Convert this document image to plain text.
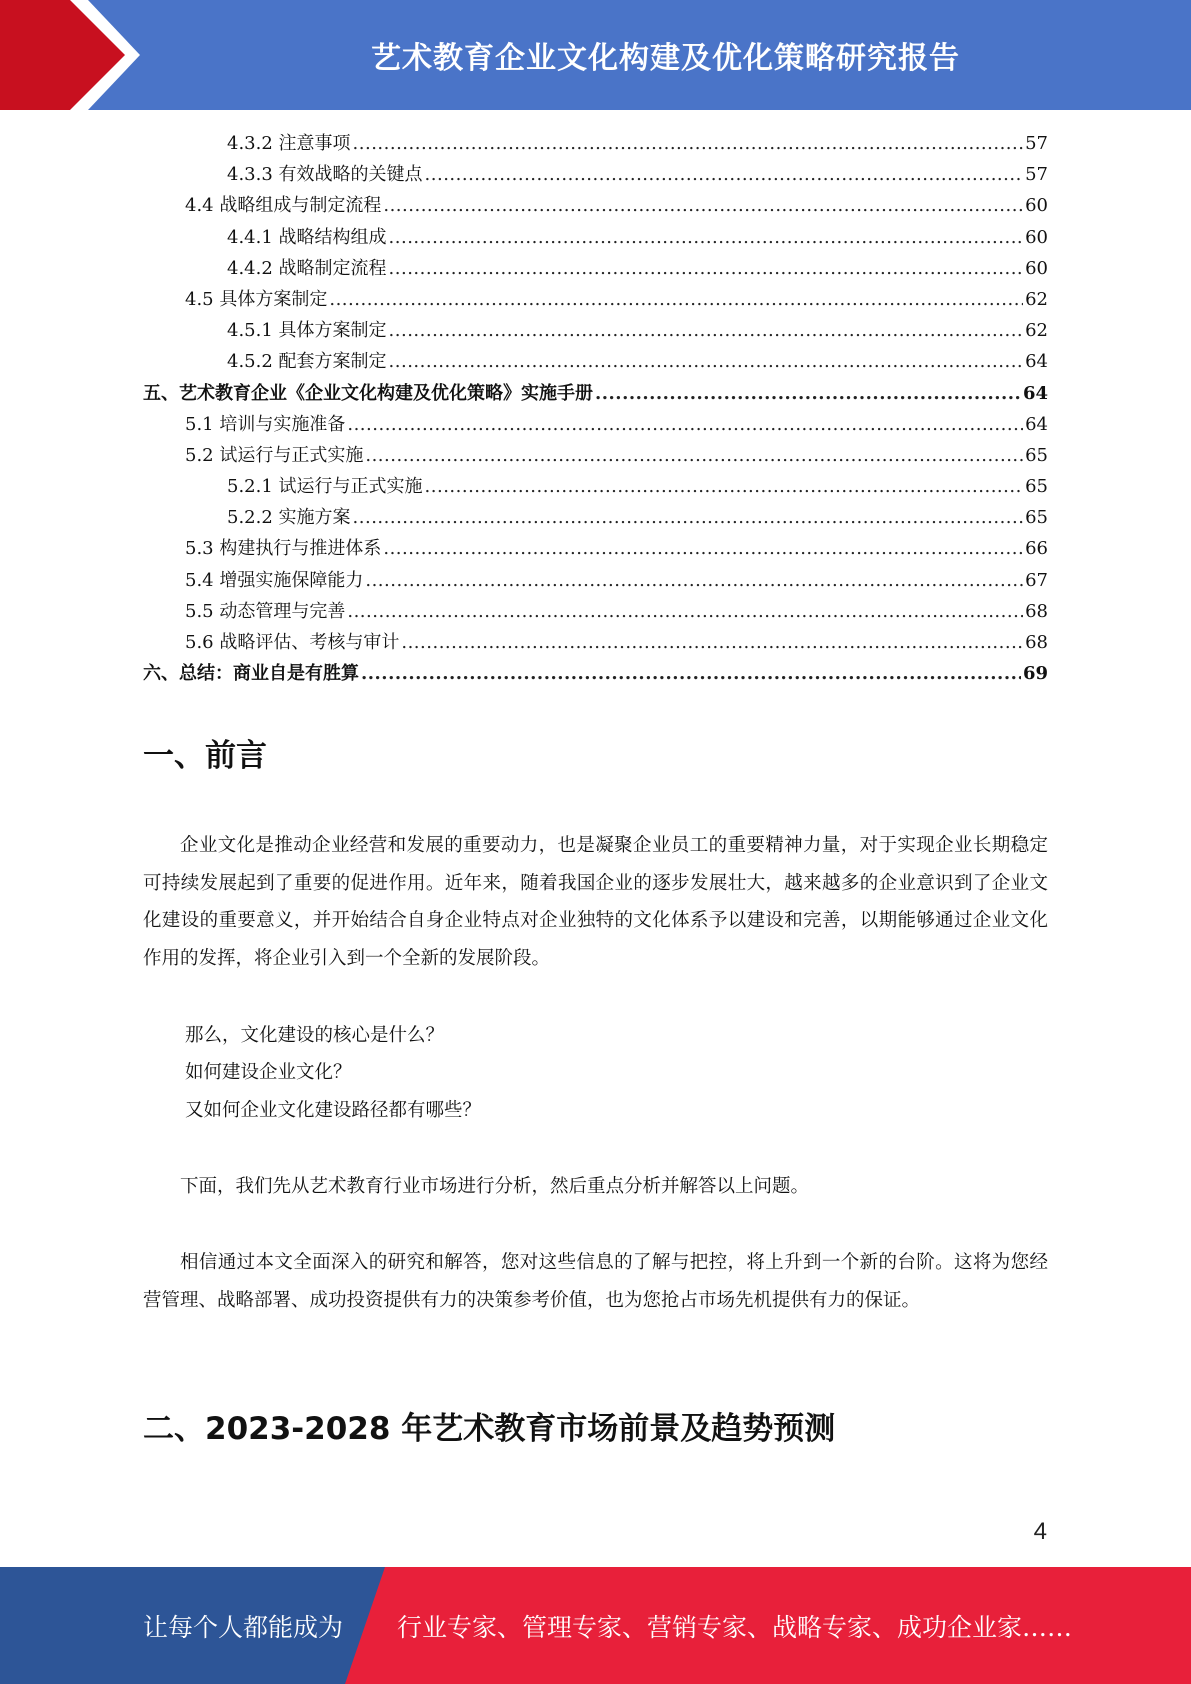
艺术教育企业文化构建及优化策略研究报告
4.3.2 注意事项 .....	57
4.3.3 有效战略的关键点 .....	57
4.4 战略组成与制定流程 .....	60
4.4.1 战略结构组成 .....	60
4.4.2 战略制定流程 .....	60
4.5 具体方案制定 .....	62
4.5.1 具体方案制定 .....	62
4.5.2 配套方案制定 .....	64
五、艺术教育企业《企业文化构建及优化策略》实施手册 .....	64
5.1 培训与实施准备 .....	64
5.2 试运行与正式实施 .....	65
5.2.1 试运行与正式实施 .....	65
5.2.2 实施方案 .....	65
5.3 构建执行与推进体系 .....	66
5.4 增强实施保障能力 .....	67
5.5 动态管理与完善 .....	68
5.6 战略评估、考核与审计 .....	68
六、总结：商业自是有胜算 .....	69
一、前言
企业文化是推动企业经营和发展的重要动力，也是凝聚企业员工的重要精神力量，对于实现企业长期稳定可持续发展起到了重要的促进作用。近年来，随着我国企业的逐步发展壮大，越来越多的企业意识到了企业文化建设的重要意义，并开始结合自身企业特点对企业独特的文化体系予以建设和完善，以期能够通过企业文化作用的发挥，将企业引入到一个全新的发展阶段。
那么，文化建设的核心是什么？
如何建设企业文化？
又如何企业文化建设路径都有哪些？
下面，我们先从艺术教育行业市场进行分析，然后重点分析并解答以上问题。
相信通过本文全面深入的研究和解答，您对这些信息的了解与把控，将上升到一个新的台阶。这将为您经营管理、战略部署、成功投资提供有力的决策参考价值，也为您抢占市场先机提供有力的保证。
二、2023-2028 年艺术教育市场前景及趋势预测
4
让每个人都能成为 行业专家、管理专家、营销专家、战略专家、成功企业家……
